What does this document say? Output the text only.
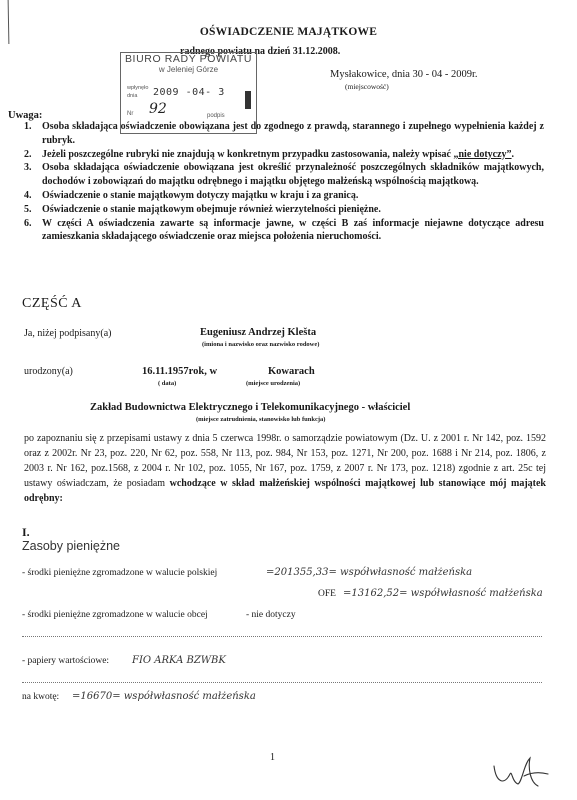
OŚWIADCZENIE MAJĄTKOWE
radnego powiatu na dzień 31.12.2008.
BIURO RADY POWIATU
w Jeleniej Górze
wpłynęło
dnia 2009 -04- 3
92
Nr	podpis
Mysłakowice, dnia 30 - 04 - 2009r.
(miejscowość)
Uwaga:
1. Osoba składająca oświadczenie obowiązana jest do zgodnego z prawdą, starannego i zupełnego wypełnienia każdej z rubryk.
2. Jeżeli poszczególne rubryki nie znajdują w konkretnym przypadku zastosowania, należy wpisać „nie dotyczy”.
3. Osoba składająca oświadczenie obowiązana jest określić przynależność poszczególnych składników majątkowych, dochodów i zobowiązań do majątku odrębnego i majątku objętego małżeńską wspólnością majątkową.
4. Oświadczenie o stanie majątkowym dotyczy majątku w kraju i za granicą.
5. Oświadczenie o stanie majątkowym obejmuje również wierzytelności pieniężne.
6. W części A oświadczenia zawarte są informacje jawne, w części B zaś informacje niejawne dotyczące adresu zamieszkania składającego oświadczenie oraz miejsca położenia nieruchomości.
CZĘŚĆ A
Ja, niżej podpisany(a)	Eugeniusz Andrzej Klešta
(imiona i nazwisko oraz nazwisko rodowe)
urodzony(a)	16.11.1957rok, w
( data)
Kowarach
(miejsce urodzenia)
Zakład Budownictwa Elektrycznego i Telekomunikacyjnego - właściciel
(miejsce zatrudnienia, stanowisko lub funkcja)
po zapoznaniu się z przepisami ustawy z dnia 5 czerwca 1998r. o samorządzie powiatowym (Dz. U. z 2001 r. Nr 142, poz. 1592 oraz z 2002r. Nr 23, poz. 220, Nr 62, poz. 558, Nr 113, poz. 984, Nr 153, poz. 1271, Nr 200, poz. 1688 i Nr 214, poz. 1806, z 2003 r. Nr 162, poz.1568, z 2004 r. Nr 102, poz. 1055, Nr 167, poz. 1759, z 2007 r. Nr 173, poz. 1218) zgodnie z art. 25c tej ustawy oświadczam, że posiadam wchodzące w skład małżeńskiej wspólności majątkowej lub stanowiące mój majątek odrębny:
I.
Zasoby pieniężne
- środki pieniężne zgromadzone w walucie polskiej	=201355,33= współwłasność małżeńska
OFE =13162,52= współwłasność małżeńska
- środki pieniężne zgromadzone w walucie obcej	- nie dotyczy
- papiery wartościowe: FIO ARKA BZWBK
na kwotę: =16670= współwłasność małżeńska
1
